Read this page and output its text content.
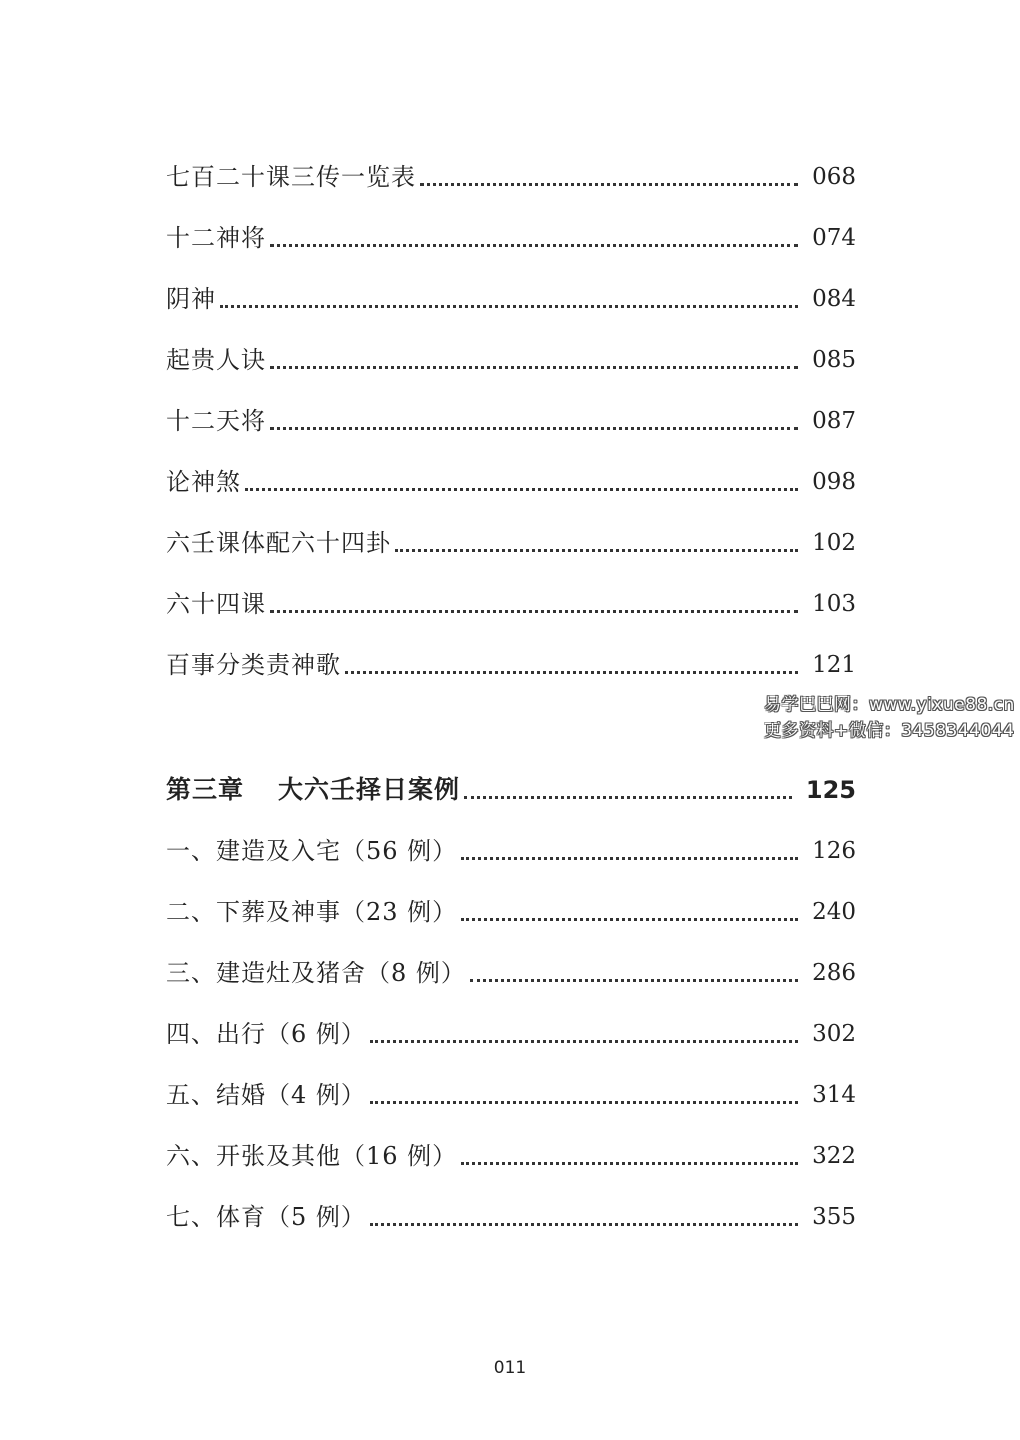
七百二十课三传一览表	068
十二神将	074
阴神	084
起贵人诀	085
十二天将	087
论神煞	098
六壬课体配六十四卦	102
六十四课	103
百事分类责神歌	121
第三章 大六壬择日案例	125
一、建造及入宅（56 例）	126
二、下葬及神事（23 例）	240
三、建造灶及猪舍（8 例）	286
四、出行（6 例）	302
五、结婚（4 例）	314
六、开张及其他（16 例）	322
七、体育（5 例）	355
易学巴巴网：www.yixue88.cn
更多资料+微信：3458344044
011
